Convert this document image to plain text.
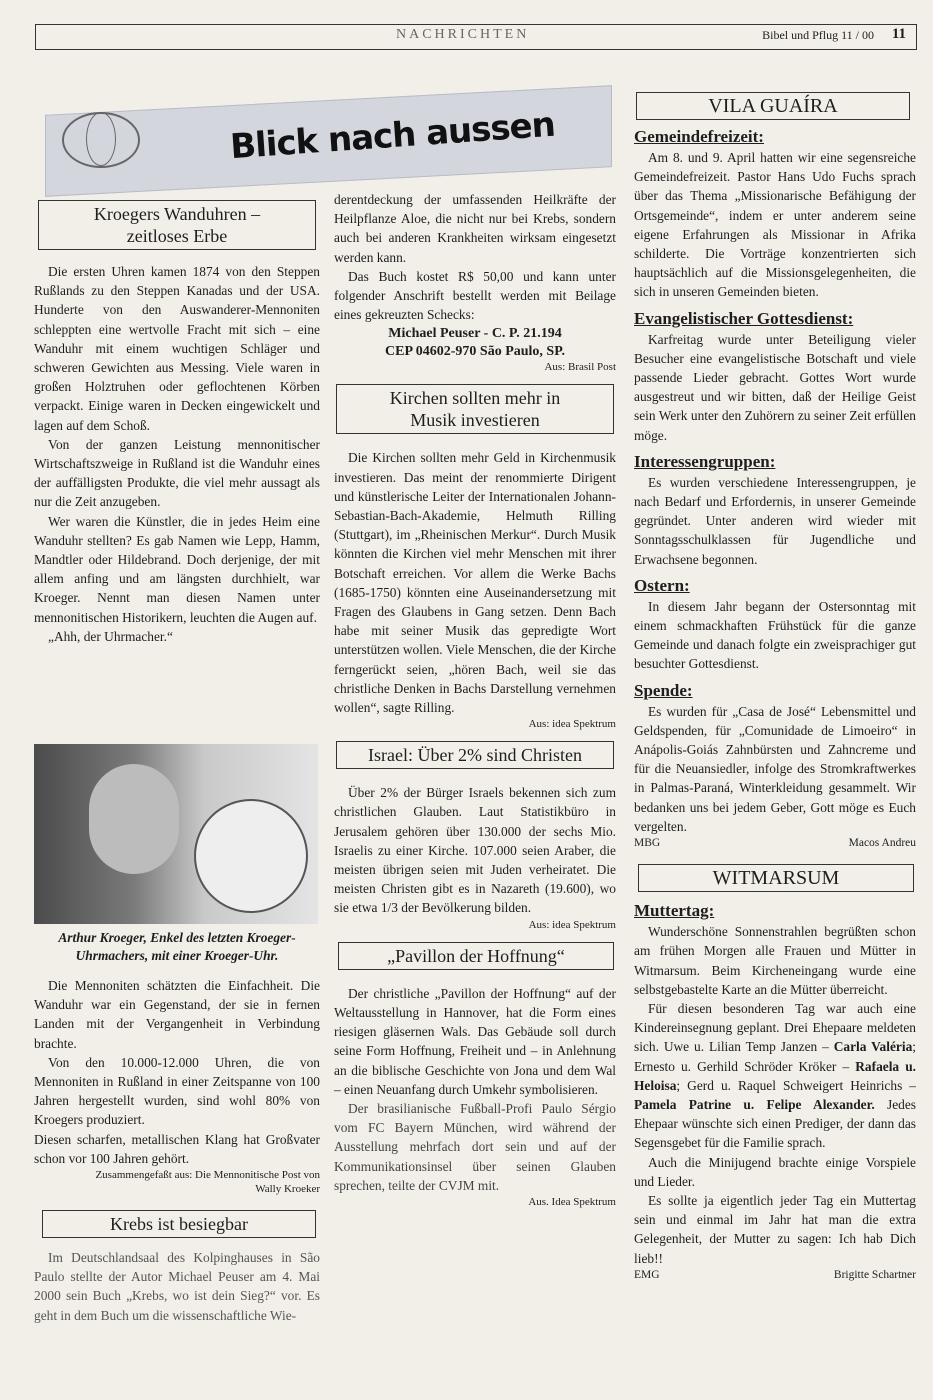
NACHRICHTEN	Bibel und Pflug 11 / 00 11
Blick nach aussen
Kroegers Wanduhren –
zeitloses Erbe

Die ersten Uhren kamen 1874 von den Steppen Rußlands zu den Steppen Kanadas und der USA. Hunderte von den Auswanderer-Mennoniten schleppten eine wertvolle Fracht mit sich – eine Wanduhr mit einem wuchtigen Schläger und schweren Gewichten aus Messing. Viele waren in großen Holztruhen oder geflochtenen Körben verpackt. Einige waren in Decken eingewickelt und lagen auf dem Schoß.

Von der ganzen Leistung mennonitischer Wirtschaftszweige in Rußland ist die Wanduhr eines der auffälligsten Produkte, die viel mehr aussagt als nur die Zeit anzugeben.

Wer waren die Künstler, die in jedes Heim eine Wanduhr stellten? Es gab Namen wie Lepp, Hamm, Mandtler oder Hildebrand. Doch derjenige, der mit allem anfing und am längsten durchhielt, war Kroeger. Nennt man diesen Namen unter mennonitischen Historikern, leuchten die Augen auf.

„Ahh, der Uhrmacher.“

Arthur Kroeger, Enkel des letzten Kroeger-Uhrmachers, mit einer Kroeger-Uhr.

Die Mennoniten schätzten die Einfachheit. Die Wanduhr war ein Gegenstand, der sie in fernen Landen mit der Vergangenheit in Verbindung brachte.

Von den 10.000-12.000 Uhren, die von Mennoniten in Rußland in einer Zeitspanne von 100 Jahren hergestellt wurden, sind wohl 80% von Kroegers produziert.

Diesen scharfen, metallischen Klang hat Großvater schon vor 100 Jahren gehört.

Zusammengefaßt aus: Die Mennonitische Post von
Wally Kroeker
Krebs ist besiegbar

Im Deutschlandsaal des Kolpinghauses in São Paulo stellte der Autor Michael Peuser am 4. Mai 2000 sein Buch „Krebs, wo ist dein Sieg?“ vor. Es geht in dem Buch um die wissenschaftliche Wie-

derentdeckung der umfassenden Heilkräfte der Heilpflanze Aloe, die nicht nur bei Krebs, sondern auch bei anderen Krankheiten wirksam eingesetzt werden kann.

Das Buch kostet R$ 50,00 und kann unter folgender Anschrift bestellt werden mit Beilage eines gekreuzten Schecks:

Michael Peuser - C. P. 21.194
CEP 04602-970 São Paulo, SP.
Aus: Brasil Post
Kirchen sollten mehr in
Musik investieren

Die Kirchen sollten mehr Geld in Kirchenmusik investieren. Das meint der renommierte Dirigent und künstlerische Leiter der Internationalen Johann-Sebastian-Bach-Akademie, Helmuth Rilling (Stuttgart), im „Rheinischen Merkur“. Durch Musik könnten die Kirchen viel mehr Menschen mit ihrer Botschaft erreichen. Vor allem die Werke Bachs (1685-1750) könnten eine Auseinandersetzung mit Fragen des Glaubens in Gang setzen. Denn Bach habe mit seiner Musik das gepredigte Wort unterstützen wollen. Viele Menschen, die der Kirche ferngerückt seien, „hören Bach, weil sie das christliche Denken in Bachs Darstellung vernehmen wollen“, sagte Rilling.

Aus: idea Spektrum
Israel: Über 2% sind Christen

Über 2% der Bürger Israels bekennen sich zum christlichen Glauben. Laut Statistikbüro in Jerusalem gehören über 130.000 der sechs Mio. Israelis zu einer Kirche. 107.000 seien Araber, die meisten übrigen seien mit Juden verheiratet. Die meisten Christen gibt es in Nazareth (19.600), wo sie etwa 1/3 der Bevölkerung bilden.

Aus: idea Spektrum
„Pavillon der Hoffnung“

Der christliche „Pavillon der Hoffnung“ auf der Weltausstellung in Hannover, hat die Form eines riesigen gläsernen Wals. Das Gebäude soll durch seine Form Hoffnung, Freiheit und – in Anlehnung an die biblische Geschichte von Jona und dem Wal – einen Neuanfang durch Umkehr symbolisieren.

Der brasilianische Fußball-Profi Paulo Sérgio vom FC Bayern München, wird während der Ausstellung mehrfach dort sein und auf der Kommunikationsinsel über seinen Glauben sprechen, teilte der CVJM mit.

Aus. Idea Spektrum
VILA GUAÍRA
Gemeindefreizeit:

Am 8. und 9. April hatten wir eine segensreiche Gemeindefreizeit. Pastor Hans Udo Fuchs sprach über das Thema „Missionarische Befähigung der Ortsgemeinde“, indem er unter anderem seine eigene Erfahrungen als Missionar in Afrika schilderte. Die Vorträge konzentrierten sich hauptsächlich auf die Missionsgelegenheiten, die sich in unseren Gemeinden bieten.

Evangelistischer Gottesdienst:

Karfreitag wurde unter Beteiligung vieler Besucher eine evangelistische Botschaft und viele passende Lieder gebracht. Gottes Wort wurde ausgestreut und wir bitten, daß der Heilige Geist sein Werk unter den Zuhörern zu seiner Zeit erfüllen möge.

Interessengruppen:

Es wurden verschiedene Interessengruppen, je nach Bedarf und Erfordernis, in unserer Gemeinde gegründet. Unter anderen wird wieder mit Sonntagsschulklassen für Jugendliche und Erwachsene begonnen.

Ostern:

In diesem Jahr begann der Ostersonntag mit einem schmackhaften Frühstück für die ganze Gemeinde und danach folgte ein zweisprachiger gut besuchter Gottesdienst.

Spende:

Es wurden für „Casa de José“ Lebensmittel und Geldspenden, für „Comunidade de Limoeiro“ in Anápolis-Goiás Zahnbürsten und Zahncreme und für die Neuansiedler, infolge des Stromkraftwerkes in Palmas-Paraná, Winterkleidung gesammelt. Wir bedanken uns bei jedem Geber, Gott möge es Euch vergelten.

MBG	Macos Andreu
WITMARSUM
Muttertag:

Wunderschöne Sonnenstrahlen begrüßten schon am frühen Morgen alle Frauen und Mütter in Witmarsum. Beim Kircheneingang wurde eine selbstgebastelte Karte an die Mütter überreicht.

Für diesen besonderen Tag war auch eine Kindereinsegnung geplant. Drei Ehepaare meldeten sich. Uwe u. Lilian Temp Janzen – Carla Valéria; Ernesto u. Gerhild Schröder Kröker – Rafaela u. Heloisa; Gerd u. Raquel Schweigert Heinrichs – Pamela Patrine u. Felipe Alexander. Jedes Ehepaar wünschte sich einen Prediger, der dann das Segensgebet für die Familie sprach.

Auch die Minijugend brachte einige Vorspiele und Lieder.

Es sollte ja eigentlich jeder Tag ein Muttertag sein und einmal im Jahr hat man die extra Gelegenheit, der Mutter zu sagen: Ich hab Dich lieb!!

EMG	Brigitte Schartner
